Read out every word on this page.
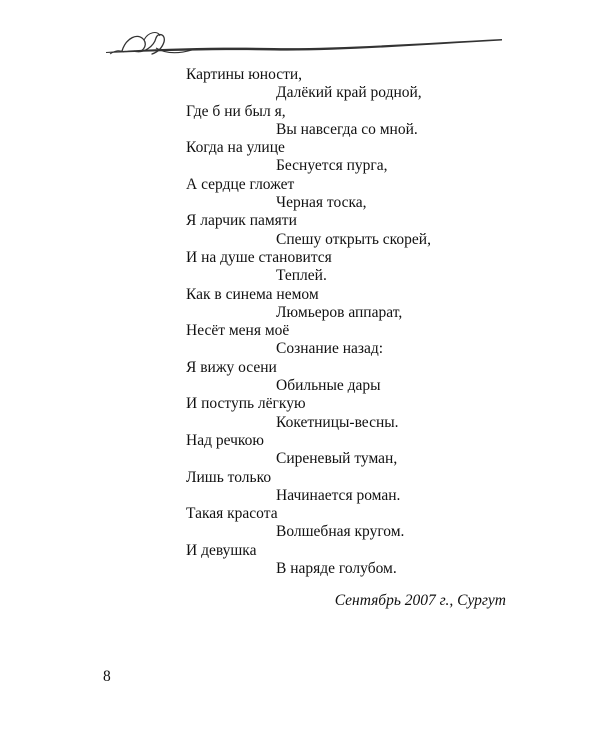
Картины юности,
Далёкий край родной,
Где б ни был я,
Вы навсегда со мной.
Когда на улице
Беснуется пурга,
А сердце гложет
Черная тоска,
Я ларчик памяти
Спешу открыть скорей,
И на душе становится
Теплей.
Как в синема немом
Люмьеров аппарат,
Несёт меня моё
Сознание назад:
Я вижу осени
Обильные дары
И поступь лёгкую
Кокетницы-весны.
Над речкою
Сиреневый туман,
Лишь только
Начинается роман.
Такая красота
Волшебная кругом.
И девушка
В наряде голубом.
Сентябрь 2007 г., Сургут
8
